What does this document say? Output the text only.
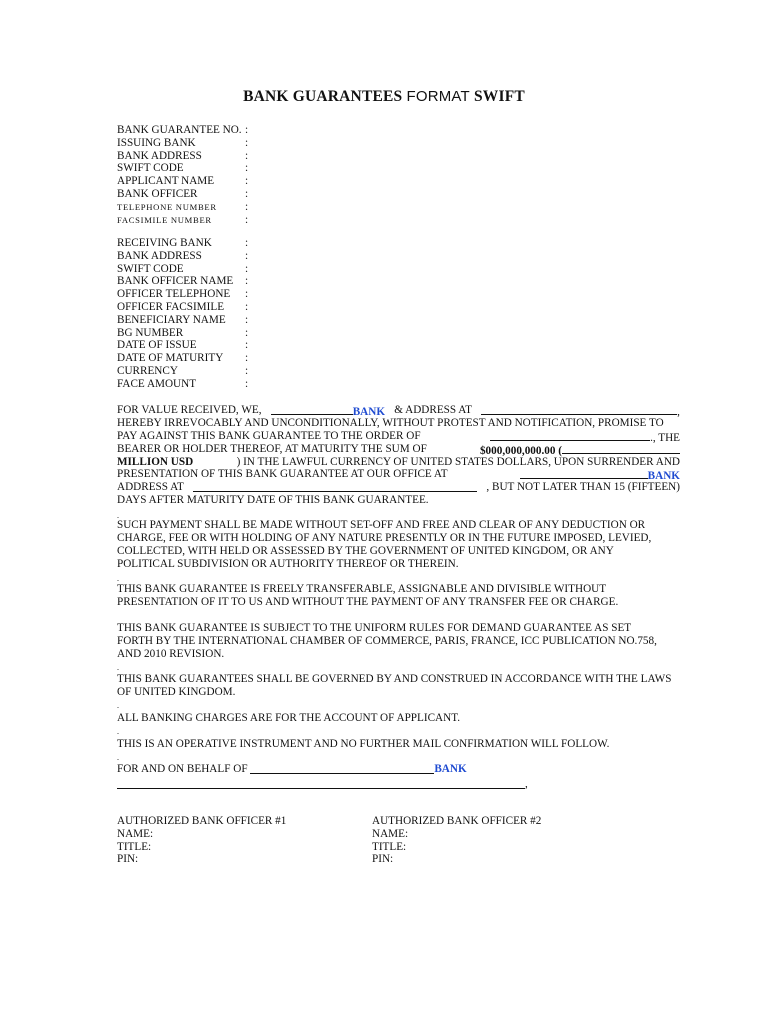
BANK GUARANTEES FORMAT SWIFT
BANK GUARANTEE NO. :
ISSUING BANK	:
BANK ADDRESS	:
SWIFT CODE	:
APPLICANT NAME	:
BANK OFFICER	:
TELEPHONE NUMBER	:
FACSIMILE NUMBER	:
RECEIVING BANK	:
BANK ADDRESS	:
SWIFT CODE	:
BANK OFFICER NAME	:
OFFICER TELEPHONE	:
OFFICER FACSIMILE	:
BENEFICIARY NAME	:
BG NUMBER	:
DATE OF ISSUE	:
DATE OF MATURITY	:
CURRENCY	:
FACE AMOUNT	:
FOR VALUE RECEIVED, WE,	BANK & ADDRESS AT	,
HEREBY IRREVOCABLY AND UNCONDITIONALLY, WITHOUT PROTEST AND NOTIFICATION, PROMISE TO
PAY AGAINST THIS BANK GUARANTEE TO THE ORDER OF	., THE
BEARER OR HOLDER THEREOF, AT MATURITY THE SUM OF	$000,000,000.00 (
MILLION USD	) IN THE LAWFUL CURRENCY OF UNITED STATES DOLLARS, UPON SURRENDER AND
PRESENTATION OF THIS BANK GUARANTEE AT OUR OFFICE AT	BANK
ADDRESS AT	, BUT NOT LATER THAN 15 (FIFTEEN)
DAYS AFTER MATURITY DATE OF THIS BANK GUARANTEE.
.
SUCH PAYMENT SHALL BE MADE WITHOUT SET-OFF AND FREE AND CLEAR OF ANY DEDUCTION OR
CHARGE, FEE OR WITH HOLDING OF ANY NATURE PRESENTLY OR IN THE FUTURE IMPOSED, LEVIED,
COLLECTED, WITH HELD OR ASSESSED BY THE GOVERNMENT OF UNITED KINGDOM, OR ANY
POLITICAL SUBDIVISION OR AUTHORITY THEREOF OR THEREIN.
.
THIS BANK GUARANTEE IS FREELY TRANSFERABLE, ASSIGNABLE AND DIVISIBLE WITHOUT
PRESENTATION OF IT TO US AND WITHOUT THE PAYMENT OF ANY TRANSFER FEE OR CHARGE.
THIS BANK GUARANTEE IS SUBJECT TO THE UNIFORM RULES FOR DEMAND GUARANTEE AS SET
FORTH BY THE INTERNATIONAL CHAMBER OF COMMERCE, PARIS, FRANCE, ICC PUBLICATION NO.758,
AND 2010 REVISION.
.
THIS BANK GUARANTEES SHALL BE GOVERNED BY AND CONSTRUED IN ACCORDANCE WITH THE LAWS
OF UNITED KINGDOM.
.
ALL BANKING CHARGES ARE FOR THE ACCOUNT OF APPLICANT.
.
THIS IS AN OPERATIVE INSTRUMENT AND NO FURTHER MAIL CONFIRMATION WILL FOLLOW.
.
FOR AND ON BEHALF OF
	BANK
,
AUTHORIZED BANK OFFICER #1
NAME:
TITLE:
PIN:
AUTHORIZED BANK OFFICER #2
NAME:
TITLE:
PIN:
